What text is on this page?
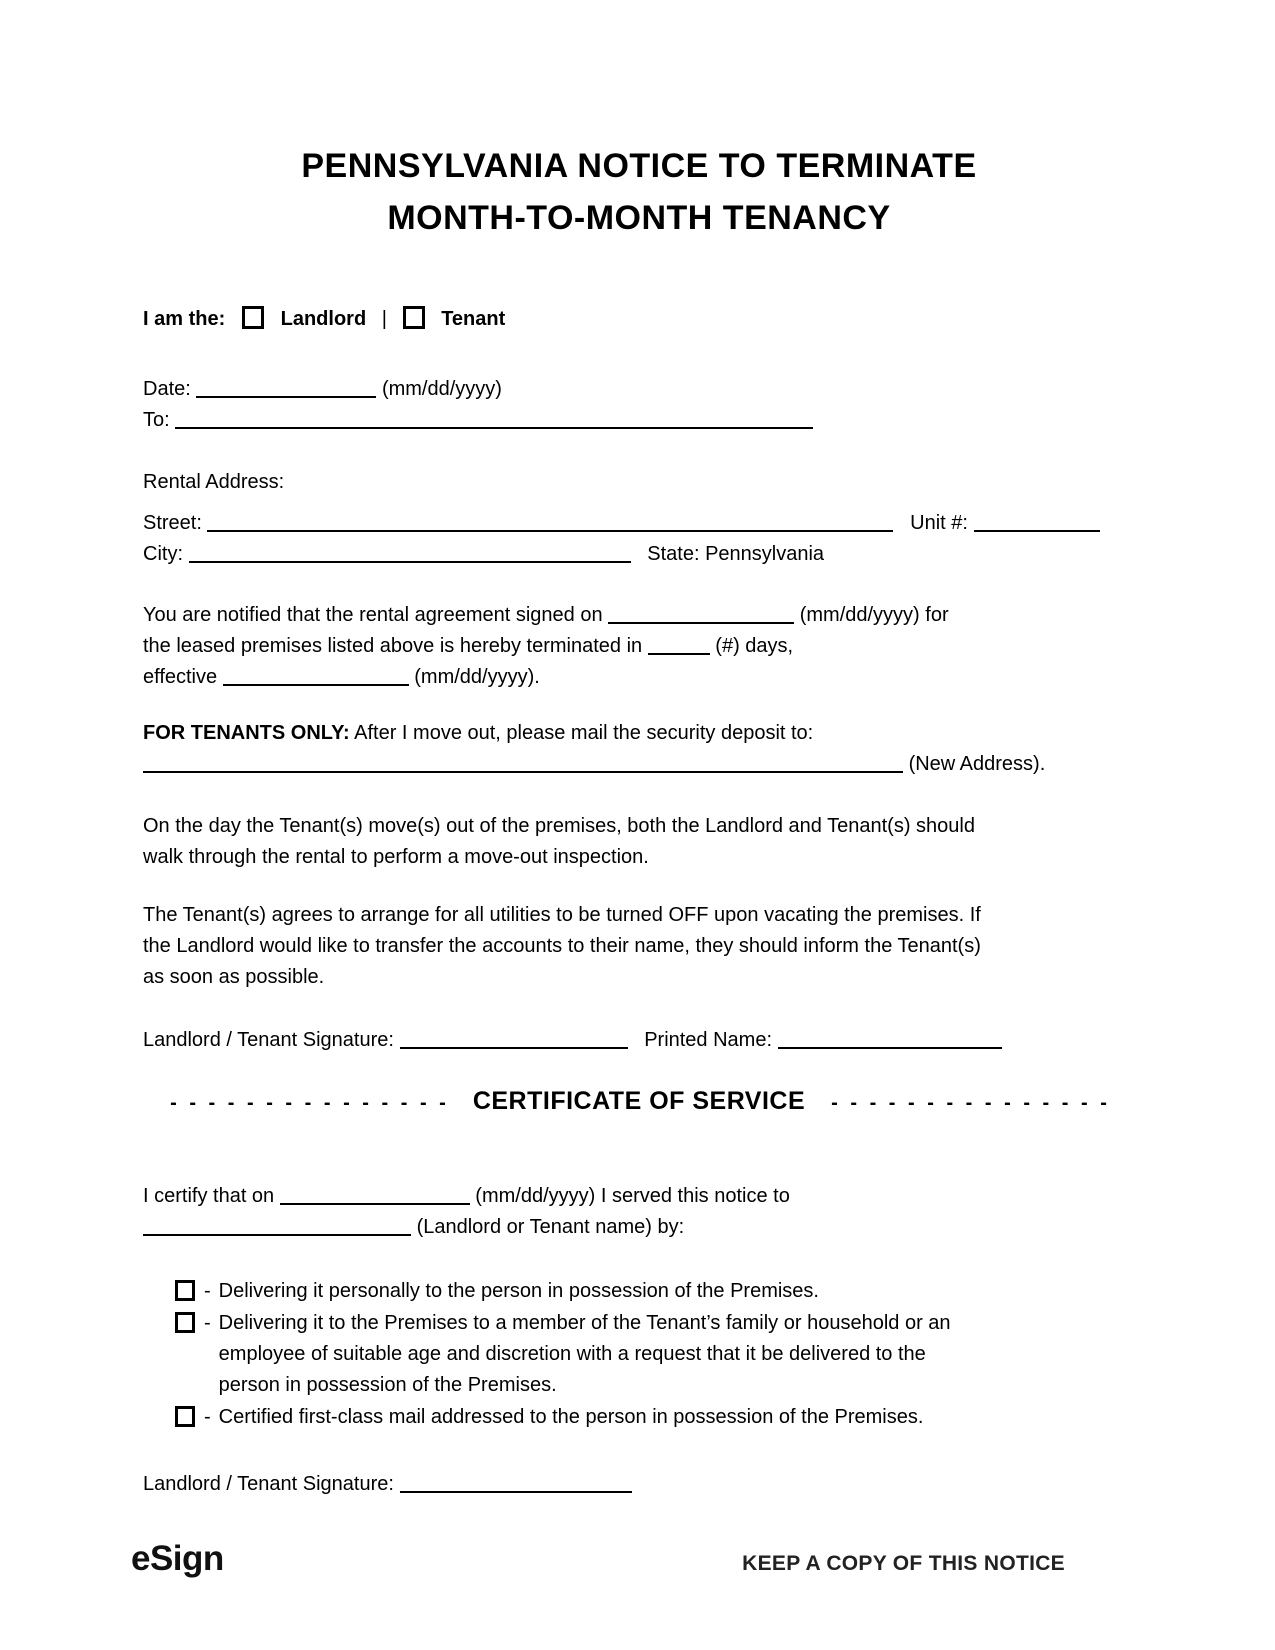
PENNSYLVANIA NOTICE TO TERMINATE
MONTH-TO-MONTH TENANCY
I am the:	Landlord |	Tenant
Date:	(mm/dd/yyyy)
To:
Rental Address:
Street:	Unit #:
City:	State: Pennsylvania
You are notified that the rental agreement signed on	(mm/dd/yyyy) for
the leased premises listed above is hereby terminated in	(#) days,
effective	(mm/dd/yyyy).
FOR TENANTS ONLY: After I move out, please mail the security deposit to:
(New Address).
On the day the Tenant(s) move(s) out of the premises, both the Landlord and Tenant(s) should
walk through the rental to perform a move-out inspection.
The Tenant(s) agrees to arrange for all utilities to be turned OFF upon vacating the premises. If
the Landlord would like to transfer the accounts to their name, they should inform the Tenant(s)
as soon as possible.
Landlord / Tenant Signature:	Printed Name:
- - - - - - - - - - - - - - - CERTIFICATE OF SERVICE - - - - - - - - - - - - - - -
I certify that on	(mm/dd/yyyy) I served this notice to
(Landlord or Tenant name) by:
- Delivering it personally to the person in possession of the Premises.
- Delivering it to the Premises to a member of the Tenant’s family or household or an
employee of suitable age and discretion with a request that it be delivered to the
person in possession of the Premises.
- Certified first-class mail addressed to the person in possession of the Premises.
Landlord / Tenant Signature:
eSign	KEEP A COPY OF THIS NOTICE
